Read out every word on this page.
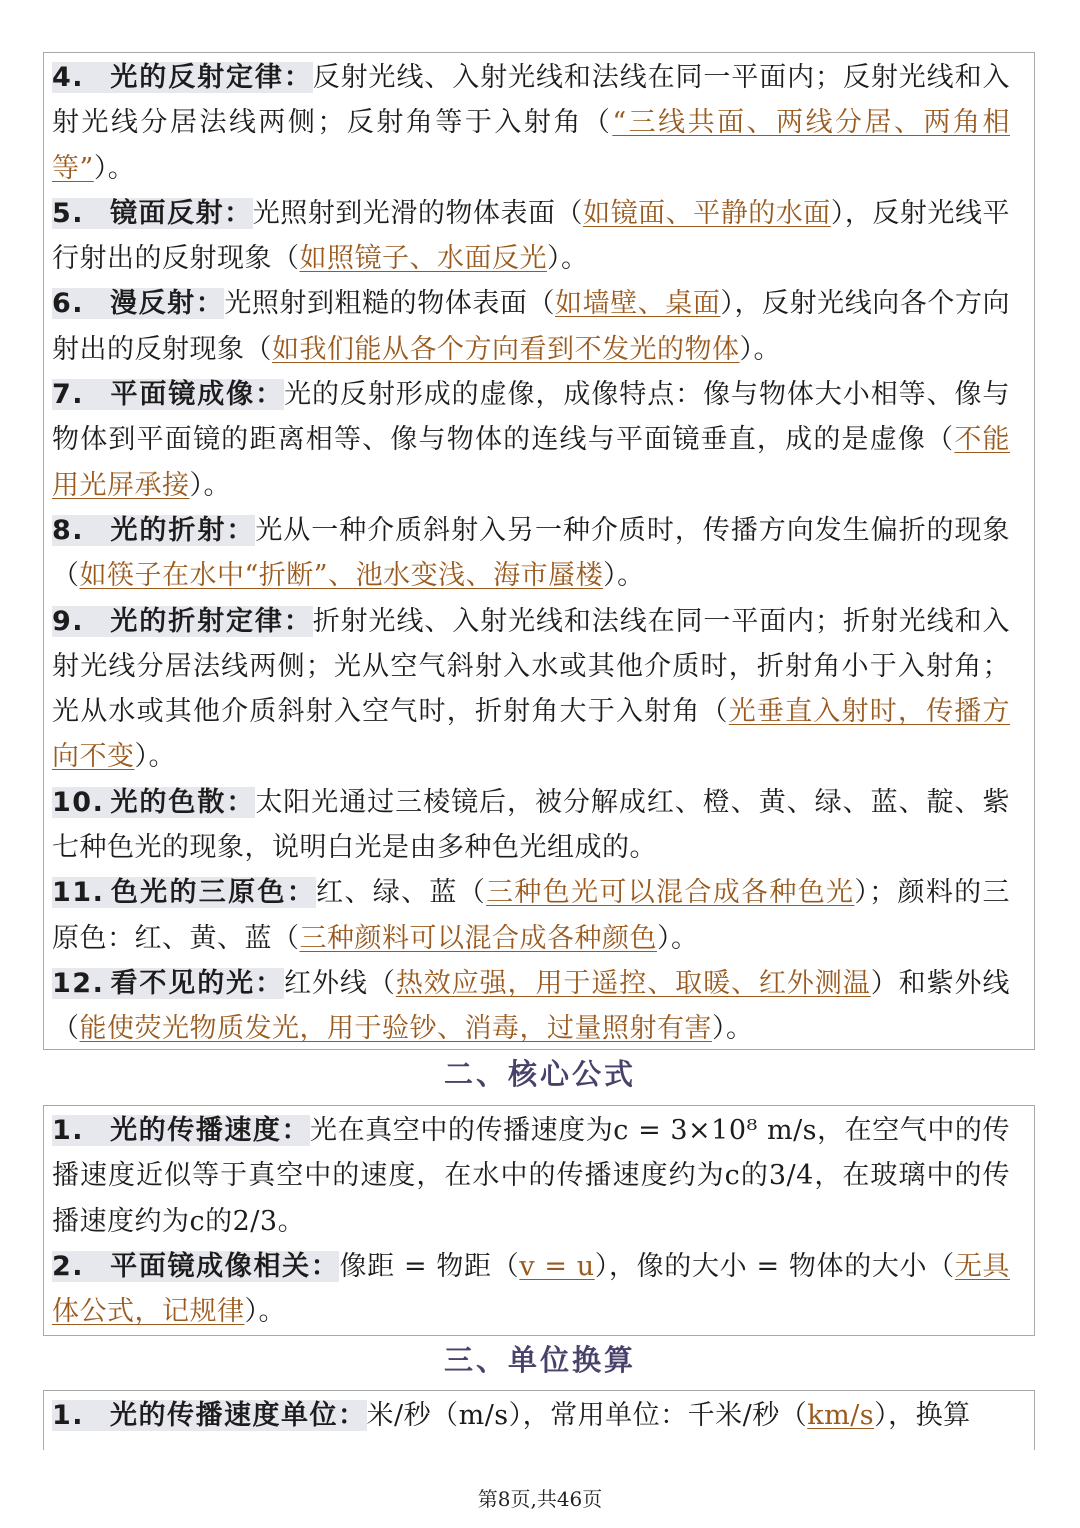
4. 光的反射定律：反射光线、入射光线和法线在同一平面内；反射光线和入射光线分居法线两侧；反射角等于入射角（“三线共面、两线分居、两角相等”）。
5. 镜面反射：光照射到光滑的物体表面（如镜面、平静的水面），反射光线平行射出的反射现象（如照镜子、水面反光）。
6. 漫反射：光照射到粗糙的物体表面（如墙壁、桌面），反射光线向各个方向射出的反射现象（如我们能从各个方向看到不发光的物体）。
7. 平面镜成像：光的反射形成的虚像，成像特点：像与物体大小相等、像与物体到平面镜的距离相等、像与物体的连线与平面镜垂直，成的是虚像（不能用光屏承接）。
8. 光的折射：光从一种介质斜射入另一种介质时，传播方向发生偏折的现象（如筷子在水中“折断”、池水变浅、海市蜃楼）。
9. 光的折射定律：折射光线、入射光线和法线在同一平面内；折射光线和入射光线分居法线两侧；光从空气斜射入水或其他介质时，折射角小于入射角；光从水或其他介质斜射入空气时，折射角大于入射角（光垂直入射时，传播方向不变）。
10. 光的色散：太阳光通过三棱镜后，被分解成红、橙、黄、绿、蓝、靛、紫七种色光的现象，说明白光是由多种色光组成的。
11. 色光的三原色：红、绿、蓝（三种色光可以混合成各种色光）；颜料的三原色：红、黄、蓝（三种颜料可以混合成各种颜色）。
12. 看不见的光：红外线（热效应强，用于遥控、取暖、红外测温）和紫外线（能使荧光物质发光，用于验钞、消毒，过量照射有害）。
二、核心公式
1. 光的传播速度：光在真空中的传播速度为c = 3×10⁸ m/s，在空气中的传播速度近似等于真空中的速度，在水中的传播速度约为c的3/4，在玻璃中的传播速度约为c的2/3。
2. 平面镜成像相关：像距 = 物距（v = u），像的大小 = 物体的大小（无具体公式，记规律）。
三、单位换算
1. 光的传播速度单位：米/秒（m/s），常用单位：千米/秒（km/s），换算
第8页,共46页
